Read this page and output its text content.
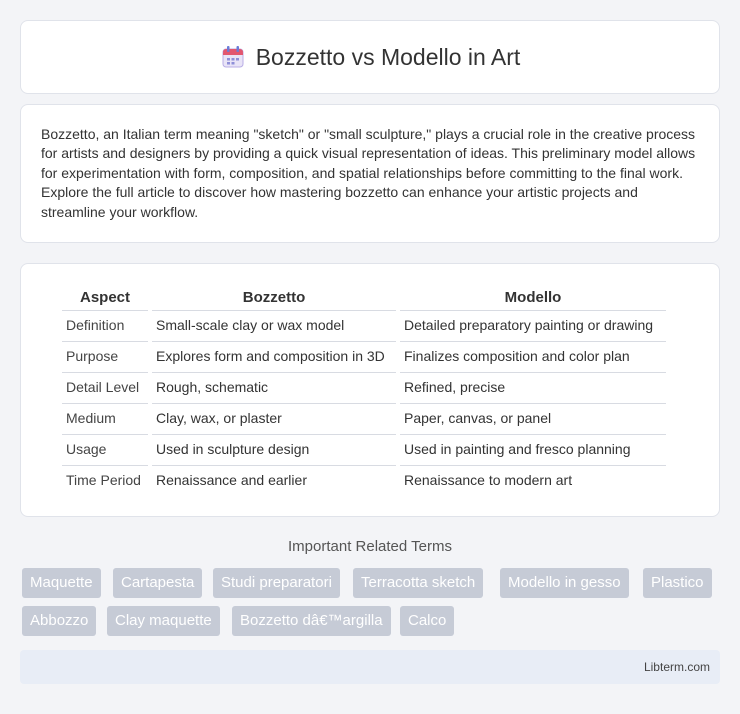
Bozzetto vs Modello in Art

Bozzetto, an Italian term meaning "sketch" or "small sculpture," plays a crucial role in the creative process for artists and designers by providing a quick visual representation of ideas. This preliminary model allows for experimentation with form, composition, and spatial relationships before committing to the final work. Explore the full article to discover how mastering bozzetto can enhance your artistic projects and streamline your workflow.

Aspect	Bozzetto	Modello
Definition	Small-scale clay or wax model	Detailed preparatory painting or drawing
Purpose	Explores form and composition in 3D	Finalizes composition and color plan
Detail Level	Rough, schematic	Refined, precise
Medium	Clay, wax, or plaster	Paper, canvas, or panel
Usage	Used in sculpture design	Used in painting and fresco planning
Time Period	Renaissance and earlier	Renaissance to modern art
Important Related Terms
Maquette	Cartapesta	Studi preparatori	Terracotta sketch	Modello in gesso	Plastico
Abbozzo	Clay maquette	Bozzetto dâ€™argilla	Calco
Libterm.com
